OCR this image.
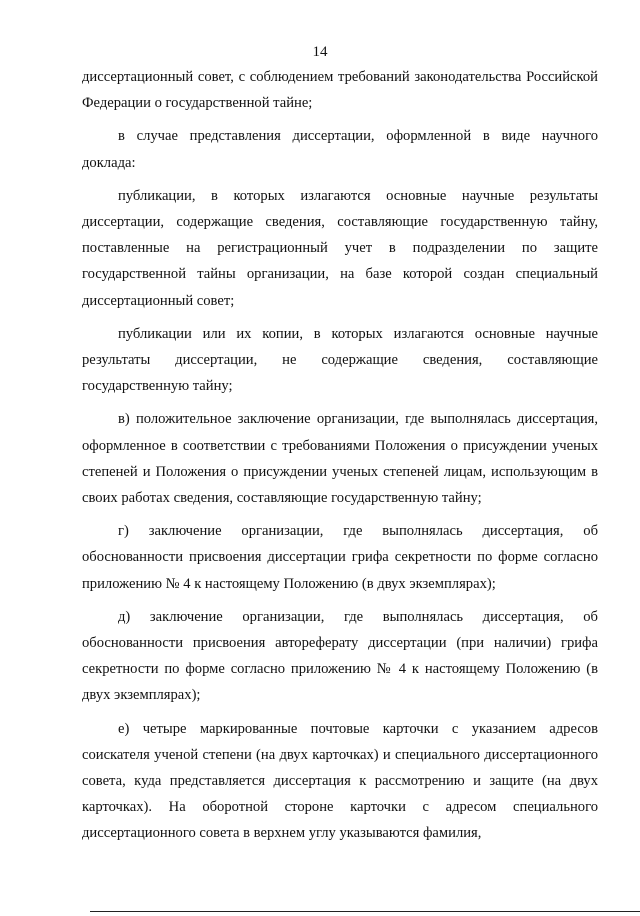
14

диссертационный совет, с соблюдением требований законодательства Российской Федерации о государственной тайне;

в случае представления диссертации, оформленной в виде научного доклада:

публикации, в которых излагаются основные научные результаты диссертации, содержащие сведения, составляющие государственную тайну, поставленные на регистрационный учет в подразделении по защите государственной тайны организации, на базе которой создан специальный диссертационный совет;

публикации или их копии, в которых излагаются основные научные результаты диссертации, не содержащие сведения, составляющие государственную тайну;

в) положительное заключение организации, где выполнялась диссертация, оформленное в соответствии с требованиями Положения о присуждении ученых степеней и Положения о присуждении ученых степеней лицам, использующим в своих работах сведения, составляющие государственную тайну;

г) заключение организации, где выполнялась диссертация, об обоснованности присвоения диссертации грифа секретности по форме согласно приложению № 4 к настоящему Положению (в двух экземплярах);

д) заключение организации, где выполнялась диссертация, об обоснованности присвоения автореферату диссертации (при наличии) грифа секретности по форме согласно приложению № 4 к настоящему Положению (в двух экземплярах);

е) четыре маркированные почтовые карточки с указанием адресов соискателя ученой степени (на двух карточках) и специального диссертационного совета, куда представляется диссертация к рассмотрению и защите (на двух карточках). На оборотной стороне карточки с адресом специального диссертационного совета в верхнем углу указываются фамилия,
